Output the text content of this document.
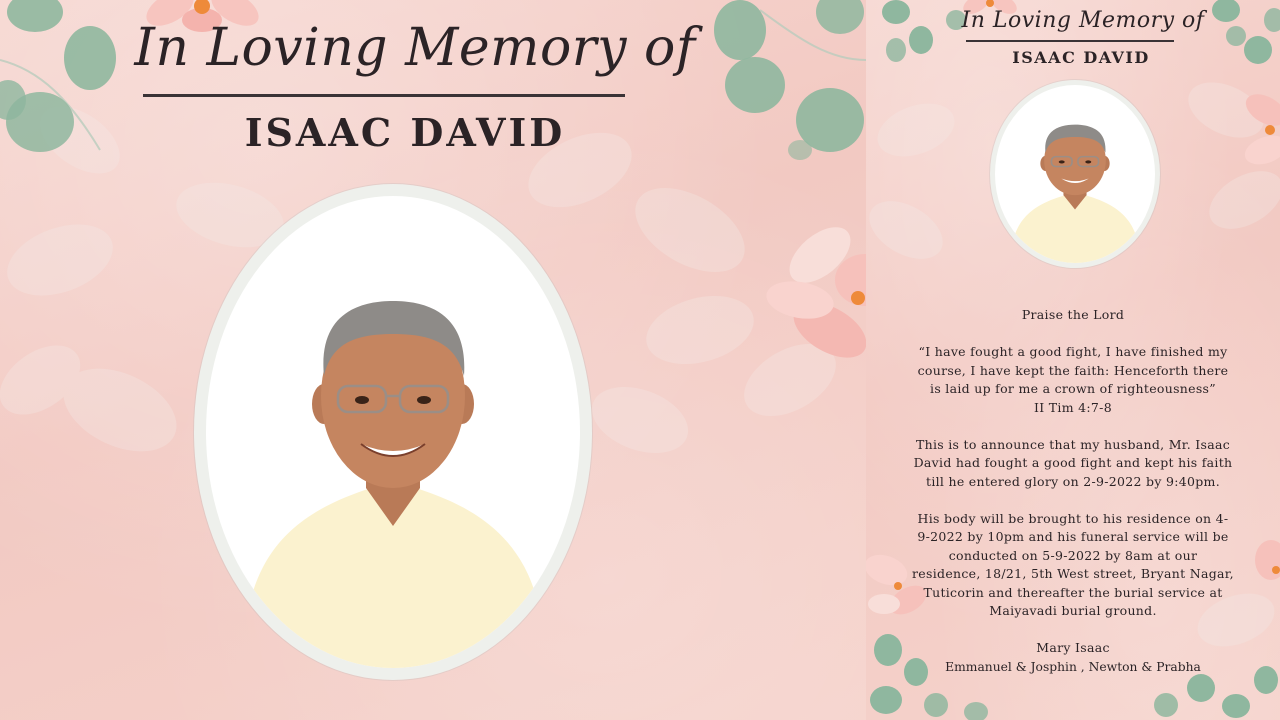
In Loving Memory of
ISAAC DAVID
In Loving Memory of
ISAAC DAVID

Praise the Lord

“I have fought a good fight, I have finished my

course, I have kept the faith: Henceforth there

is laid up for me a crown of righteousness”

II Tim 4:7-8

This is to announce that my husband, Mr. Isaac

David had fought a good fight and kept his faith

till he entered glory on 2-9-2022 by 9:40pm.

His body will be brought to his residence on 4-

9-2022 by 10pm and his funeral service will be

conducted on 5-9-2022 by 8am at our

residence, 18/21, 5th West street, Bryant Nagar,

Tuticorin and thereafter the burial service at

Maiyavadi burial ground.

Mary Isaac

Emmanuel & Josphin , Newton & Prabha
